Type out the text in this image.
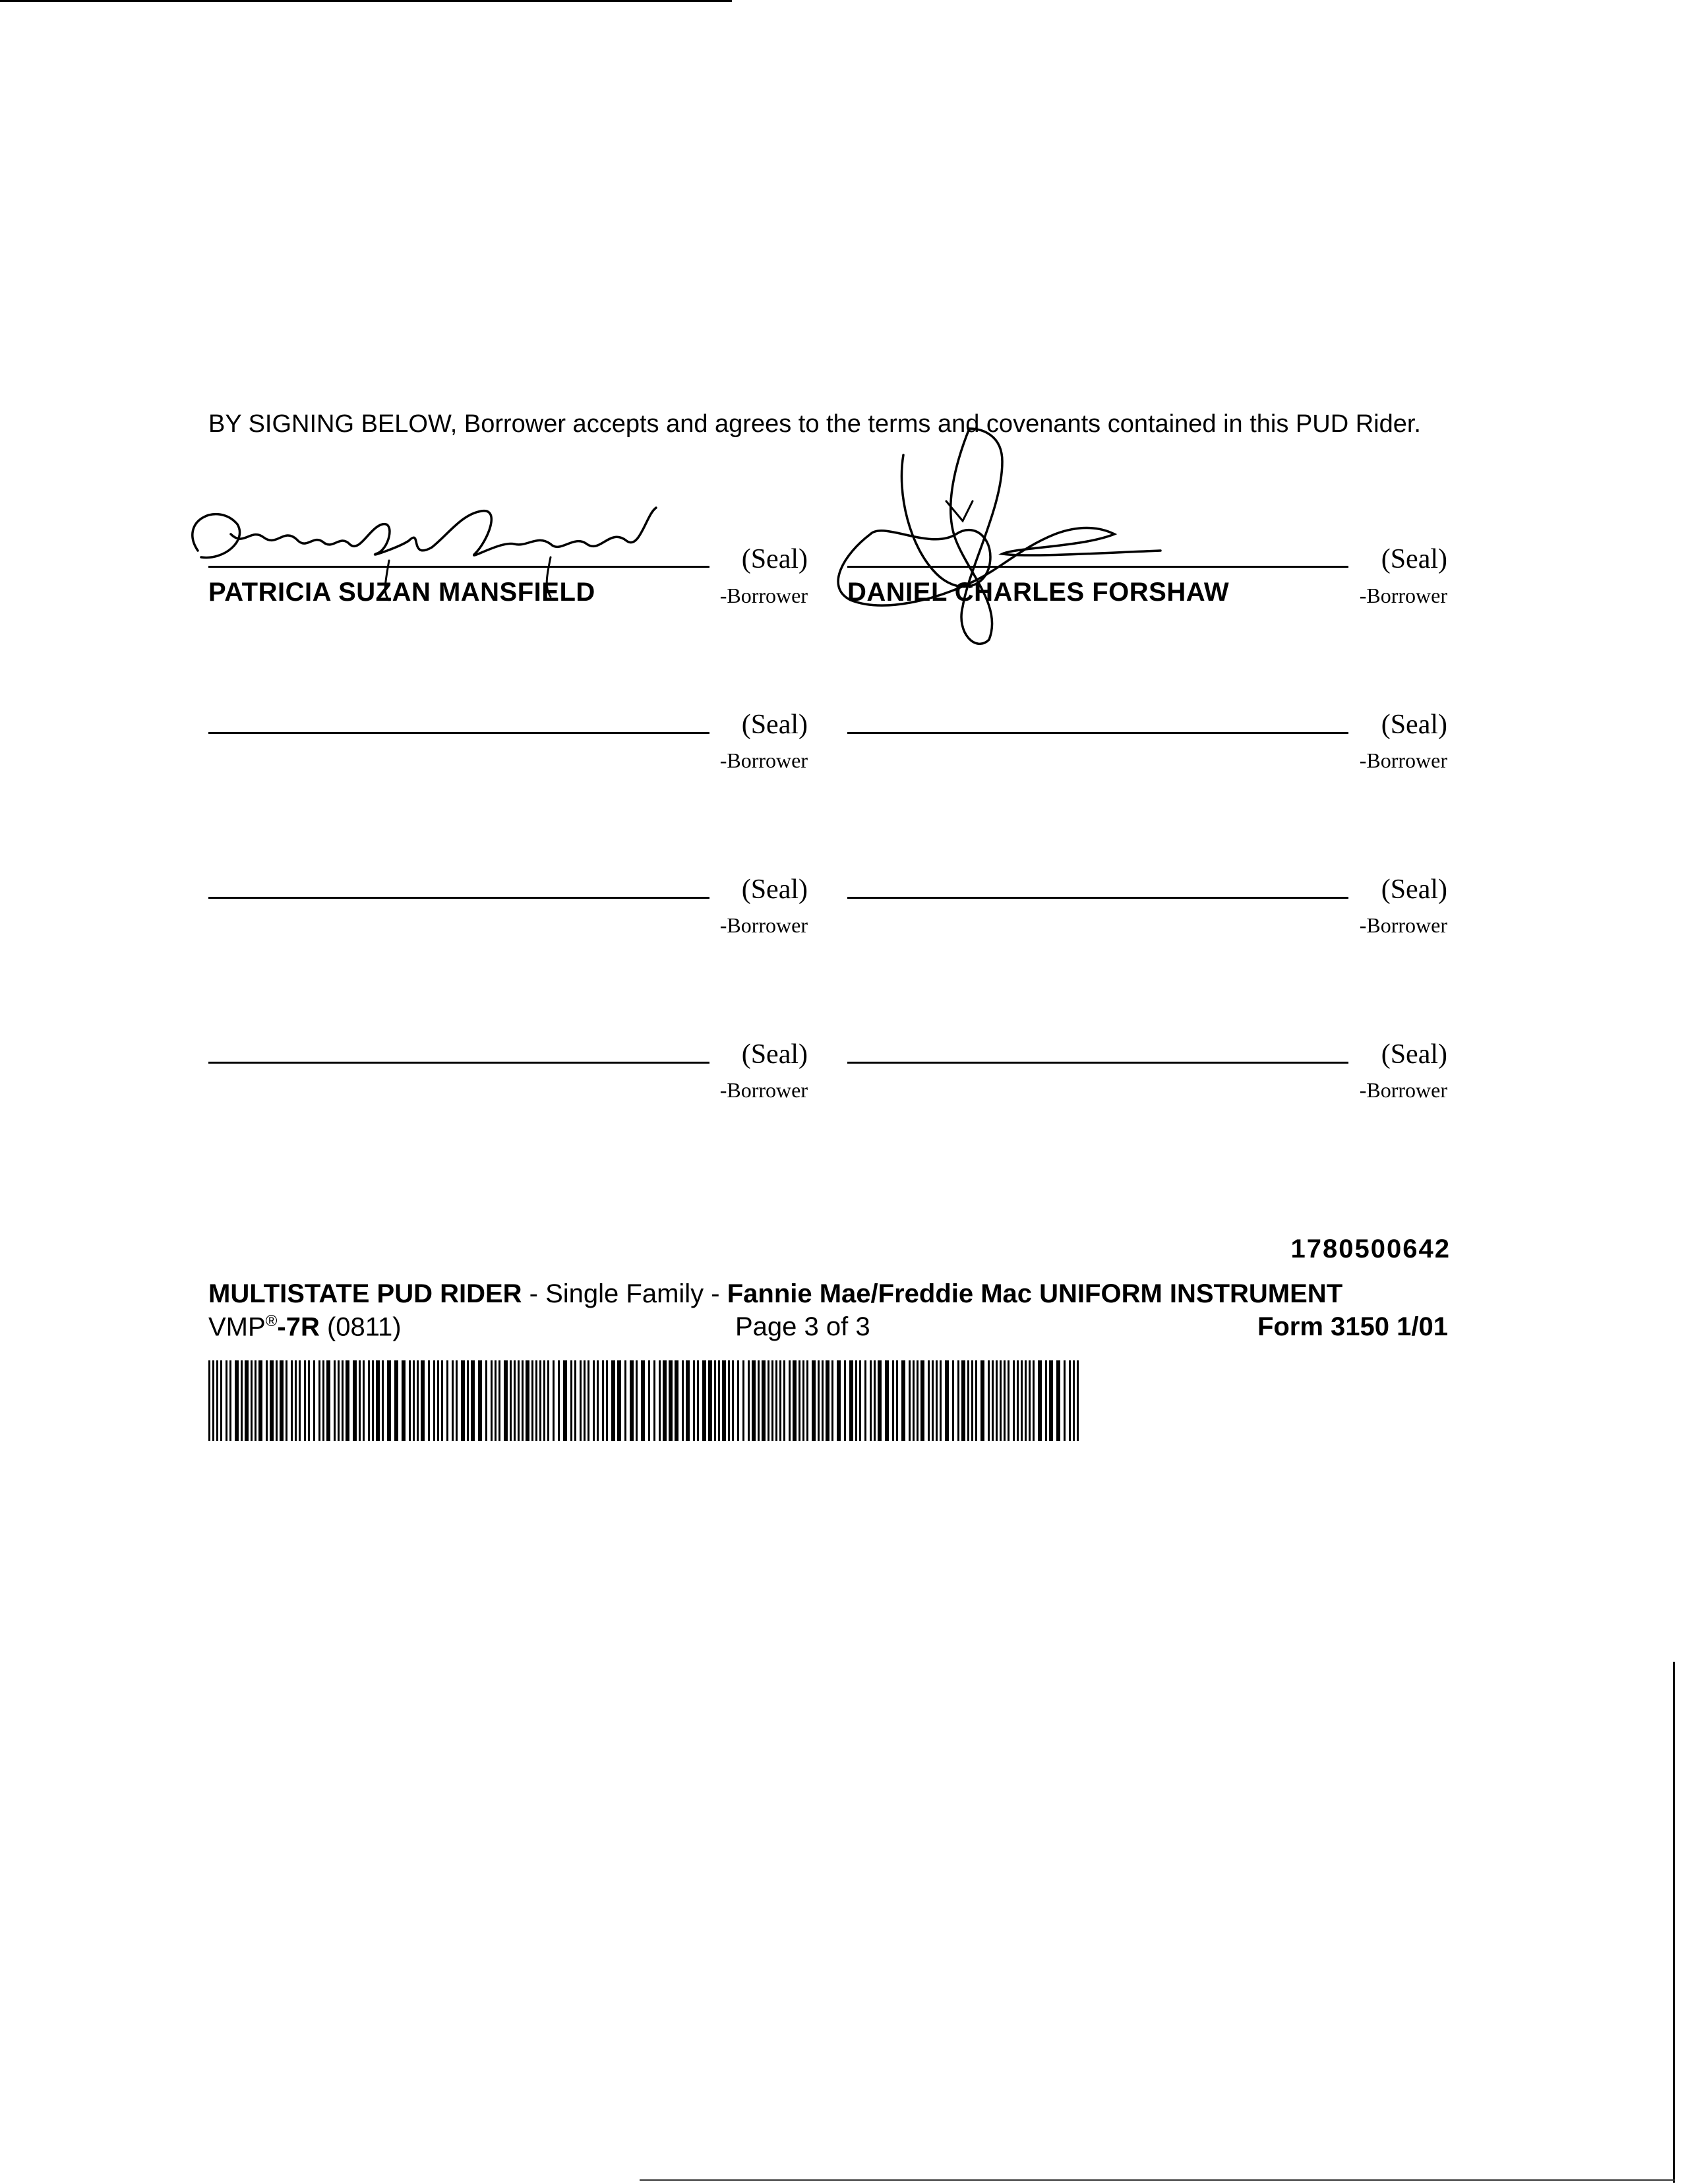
BY SIGNING BELOW, Borrower accepts and agrees to the terms and covenants contained in this PUD Rider.
(Seal)
-Borrower
PATRICIA SUZAN MANSFIELD
(Seal)
-Borrower
DANIEL CHARLES FORSHAW
(Seal)
-Borrower
(Seal)
-Borrower
(Seal)
-Borrower
(Seal)
-Borrower
(Seal)
-Borrower
(Seal)
-Borrower
1780500642
MULTISTATE PUD RIDER - Single Family - Fannie Mae/Freddie Mac UNIFORM INSTRUMENT
VMP®-7R (0811)	Page 3 of 3	Form 3150 1/01
